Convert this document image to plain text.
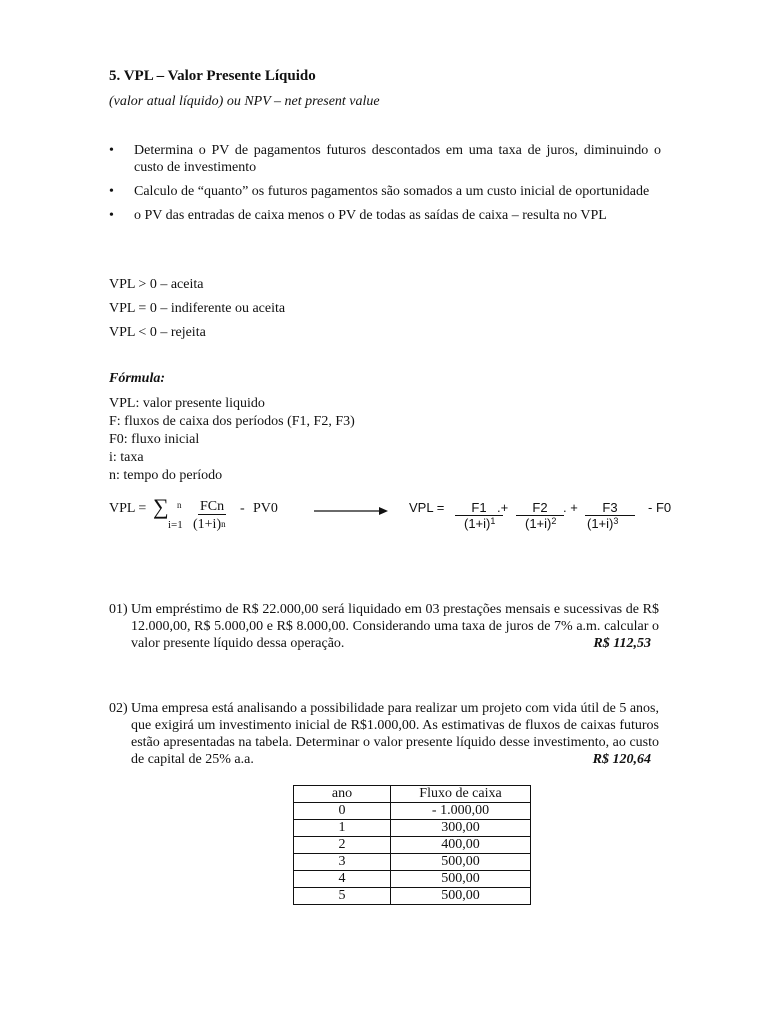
5. VPL – Valor Presente Líquido
(valor atual líquido) ou NPV – net present value
•	Determina o PV de pagamentos futuros descontados em uma taxa de juros, diminuindo o custo de investimento
•	Calculo de “quanto” os futuros pagamentos são somados a um custo inicial de oportunidade
•	o PV das entradas de caixa menos o PV de todas as saídas de caixa – resulta no VPL
VPL > 0 – aceita
VPL = 0 – indiferente ou aceita
VPL < 0 – rejeita
Fórmula:
VPL: valor presente liquido
F: fluxos de caixa dos períodos (F1, F2, F3)
F0: fluxo inicial
i: taxa
n: tempo do período
VPL = ∑ n
i=1
FCn
$(1+i)^n$
- PV0	VPL =	F1 .+
$(1+i)^1$
F2	. +
$(1+i)^2$
F3
$(1+i)^3$
- F0
01) Um empréstimo de R$ 22.000,00 será liquidado em 03 prestações mensais e sucessivas de R$ 12.000,00, R$ 5.000,00 e R$ 8.000,00. Considerando uma taxa de juros de 7% a.m. calcular o valor presente líquido dessa operação.	R$ 112,53
02) Uma empresa está analisando a possibilidade para realizar um projeto com vida útil de 5 anos, que exigirá um investimento inicial de R$1.000,00. As estimativas de fluxos de caixas futuros estão apresentadas na tabela. Determinar o valor presente líquido desse investimento, ao custo de capital de 25% a.a.	R$ 120,64
ano	Fluxo de caixa
0	- 1.000,00
1	300,00
2	400,00
3	500,00
4	500,00
5	500,00
